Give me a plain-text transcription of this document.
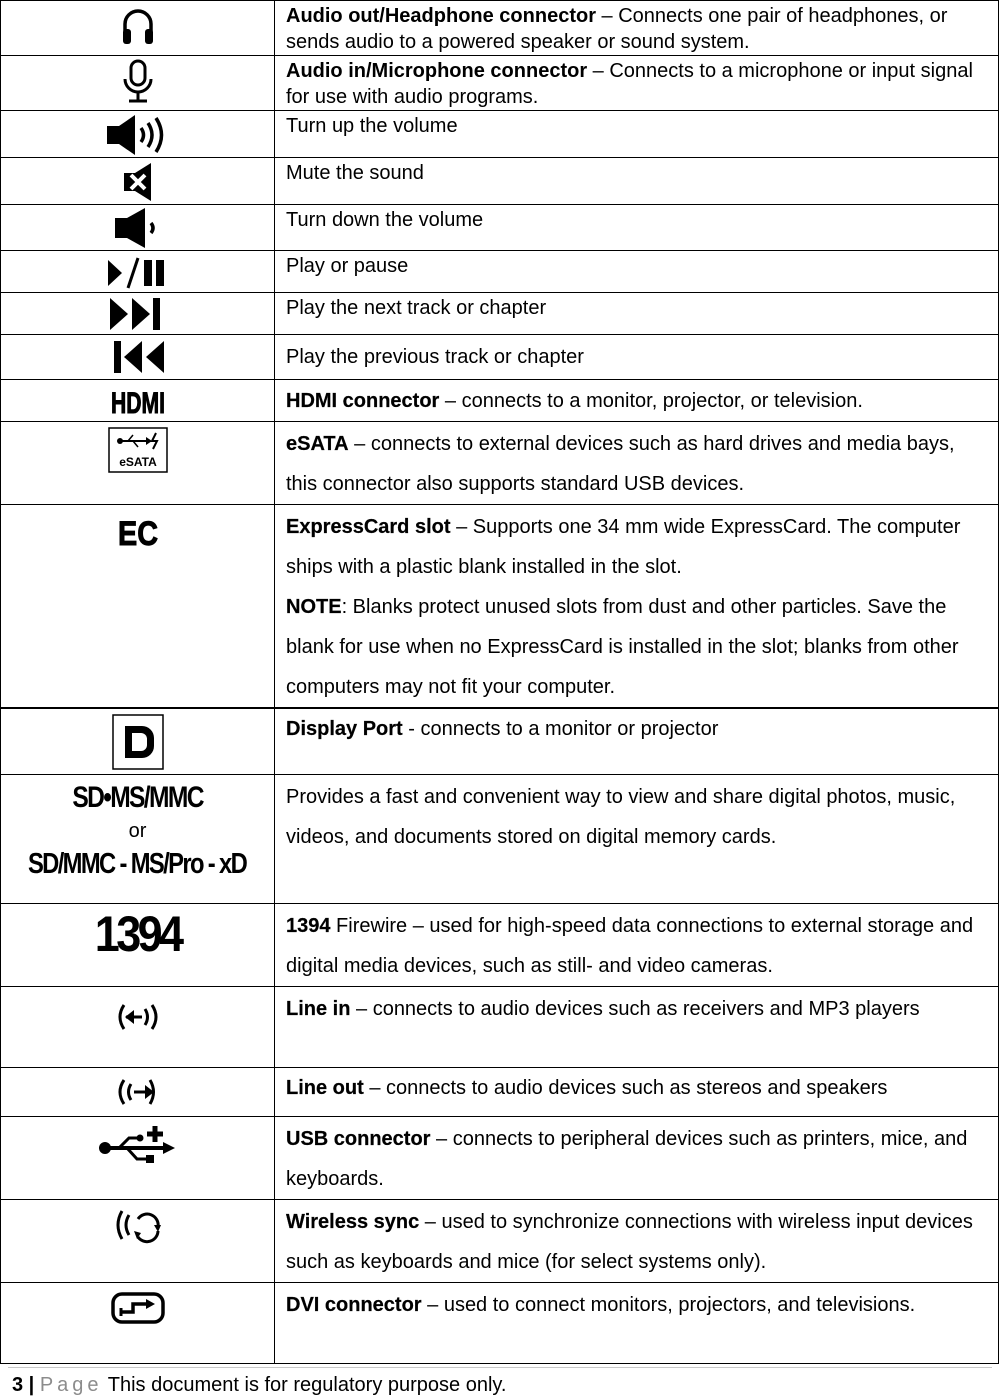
	Audio out/Headphone connector – Connects one pair of headphones, or sends audio to a powered speaker or sound system.

	Audio in/Microphone connector – Connects to a microphone or input signal for use with audio programs.

	Turn up the volume

	Mute the sound

	Turn down the volume

	Play or pause

	Play the next track or chapter

	Play the previous track or chapter

HDMI	HDMI connector – connects to a monitor, projector, or television.

eSATA	eSATA – connects to external devices such as hard drives and media bays, this connector also supports standard USB devices.

EC	ExpressCard slot – Supports one 34 mm wide ExpressCard. The computer ships with a plastic blank installed in the slot.
NOTE: Blanks protect unused slots from dust and other particles. Save the blank for use when no ExpressCard is installed in the slot; blanks from other computers may not fit your computer.

	Display Port - connects to a monitor or projector

SD•MS/MMC
or
SD/MMC - MS/Pro - xD	Provides a fast and convenient way to view and share digital photos, music, videos, and documents stored on digital memory cards.
1394	1394 Firewire – used for high-speed data connections to external storage and digital media devices, such as still- and video cameras.

	Line in – connects to audio devices such as receivers and MP3 players

	Line out – connects to audio devices such as stereos and speakers

	USB connector – connects to peripheral devices such as printers, mice, and keyboards.

	Wireless sync – used to synchronize connections with wireless input devices such as keyboards and mice (for select systems only).

	DVI connector – used to connect monitors, projectors, and televisions.
3 | Page This document is for regulatory purpose only.
